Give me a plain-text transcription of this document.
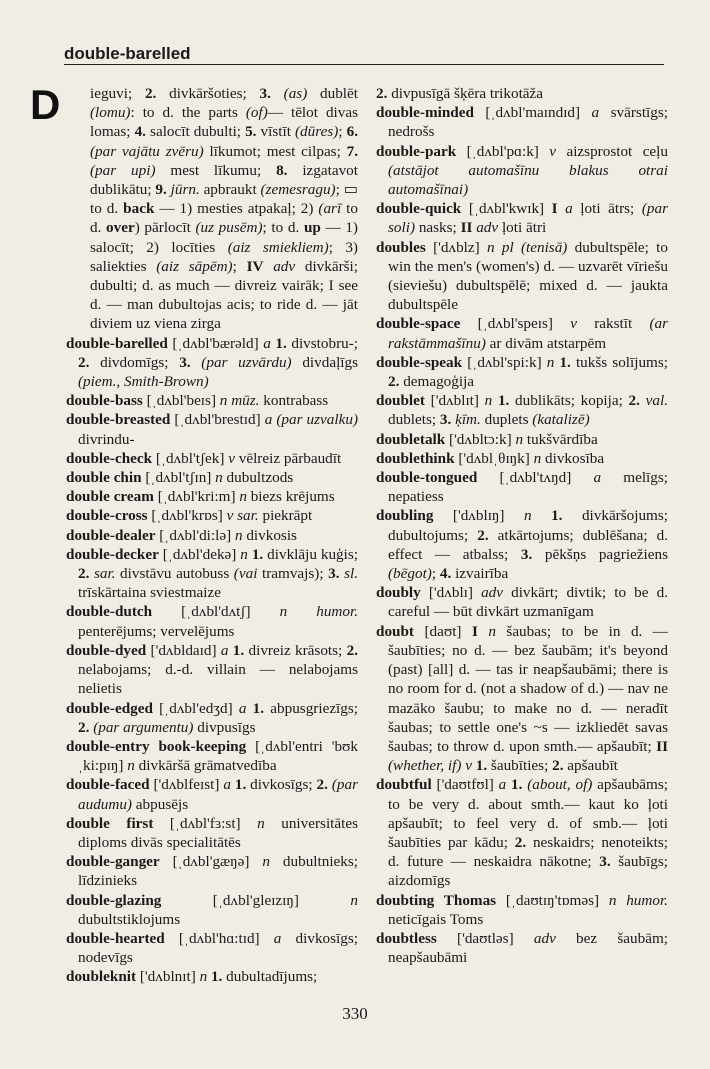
double-barelled
D	ieguvi; 2. divkāršoties; 3. (as) dublēt (lomu): to d. the parts (of)— tēlot divas lomas; 4. salocīt dubulti; 5. vīstīt (dūres); 6. (par vajātu zvēru) līkumot; mest cilpas; 7. (par upi) mest līkumu; 8. izgatavot dublikātu; 9. jūrn. apbraukt (zemesragu); ▭ to d. back — 1) mesties atpakaļ; 2) (arī to d. over) pārlocīt (uz pusēm); to d. up — 1) salocīt; 2) locīties (aiz smiekliem); 3) saliekties (aiz sāpēm); IV adv divkārši; dubulti; d. as much — divreiz vairāk; I see d. — man dubultojas acis; to ride d. — jāt diviem uz viena zirga

double-barelled [ˌdʌbl'bærəld] a 1. divstobru-; 2. divdomīgs; 3. (par uzvārdu) divdaļīgs (piem., Smith-Brown)

double-bass [ˌdʌbl'beɪs] n mūz. kontrabass

double-breasted [ˌdʌbl'brestɪd] a (par uzvalku) divrindu-

double-check [ˌdʌbl'tʃek] v vēlreiz pārbaudīt

double chin [ˌdʌbl'tʃɪn] n dubultzods

double cream [ˌdʌbl'kri:m] n biezs krējums

double-cross [ˌdʌbl'krɒs] v sar. piekrāpt

double-dealer [ˌdʌbl'di:lə] n divkosis

double-decker [ˌdʌbl'dekə] n 1. divklāju kuģis; 2. sar. divstāvu autobuss (vai tramvajs); 3. sl. trīskārtaina sviestmaize

double-dutch [ˌdʌbl'dʌtʃ] n humor. penterējums; vervelējums

double-dyed ['dʌbldaɪd] a 1. divreiz krāsots; 2. nelabojams; d.-d. villain — nelabojams nelietis

double-edged [ˌdʌbl'edʒd] a 1. abpusgriezīgs; 2. (par argumentu) divpusīgs

double-entry book-keeping [ˌdʌbl'entri 'bʊkˌki:pɪŋ] n divkāršā grāmatvedība

double-faced ['dʌblfeɪst] a 1. divkosīgs; 2. (par audumu) abpusējs

double first [ˌdʌbl'fɜ:st] n universitātes diploms divās specialitātēs

double-ganger [ˌdʌbl'gæŋə] n dubultnieks; līdzinieks

double-glazing [ˌdʌbl'gleɪzɪŋ] n dubultstiklojums

double-hearted [ˌdʌbl'hɑ:tɪd] a divkosīgs; nodevīgs

doubleknit ['dʌblnɪt] n 1. dubultadījums;

2. divpusīgā šķēra trikotāža

double-minded [ˌdʌbl'maɪndɪd] a svārstīgs; nedrošs

double-park [ˌdʌbl'pɑ:k] v aizsprostot ceļu (atstājot automašīnu blakus otrai automašīnai)

double-quick [ˌdʌbl'kwɪk] I a ļoti ātrs; (par soli) nasks; II adv ļoti ātri

doubles ['dʌblz] n pl (tenisā) dubultspēle; to win the men's (women's) d. — uzvarēt vīriešu (sieviešu) dubultspēlē; mixed d. — jaukta dubultspēle

double-space [ˌdʌbl'speɪs] v rakstīt (ar rakstāmmašīnu) ar divām atstarpēm

double-speak [ˌdʌbl'spi:k] n 1. tukšs solījums; 2. demagoģija

doublet ['dʌblɪt] n 1. dublikāts; kopija; 2. val. dublets; 3. ķīm. duplets (katalizē)

doubletalk ['dʌbltɔ:k] n tukšvārdība

doublethink ['dʌblˌθɪŋk] n divkosība

double-tongued [ˌdʌbl'tʌŋd] a melīgs; nepatiess

doubling ['dʌblɪŋ] n 1. divkāršojums; dubultojums; 2. atkārtojums; dublēšana; d. effect — atbalss; 3. pēkšņs pagriežiens (bēgot); 4. izvairība

doubly ['dʌblɪ] adv divkārt; divtik; to be d. careful — būt divkārt uzmanīgam

doubt [daʊt] I n šaubas; to be in d. — šaubīties; no d. — bez šaubām; it's beyond (past) [all] d. — tas ir neapšaubāmi; there is no room for d. (not a shadow of d.) — nav ne mazāko šaubu; to make no d. — neradīt šaubas; to settle one's ~s — izkliedēt savas šaubas; to throw d. upon smth.— apšaubīt; II (whether, if) v 1. šaubīties; 2. apšaubīt

doubtful ['daʊtfʊl] a 1. (about, of) apšaubāms; to be very d. about smth.— kaut ko ļoti apšaubīt; to feel very d. of smb.— ļoti šaubīties par kādu; 2. neskaidrs; nenoteikts; d. future — neskaidra nākotne; 3. šaubīgs; aizdomīgs

doubting Thomas [ˌdaʊtɪŋ'tɒməs] n humor. neticīgais Toms

doubtless ['daʊtləs] adv bez šaubām; neapšaubāmi

330
